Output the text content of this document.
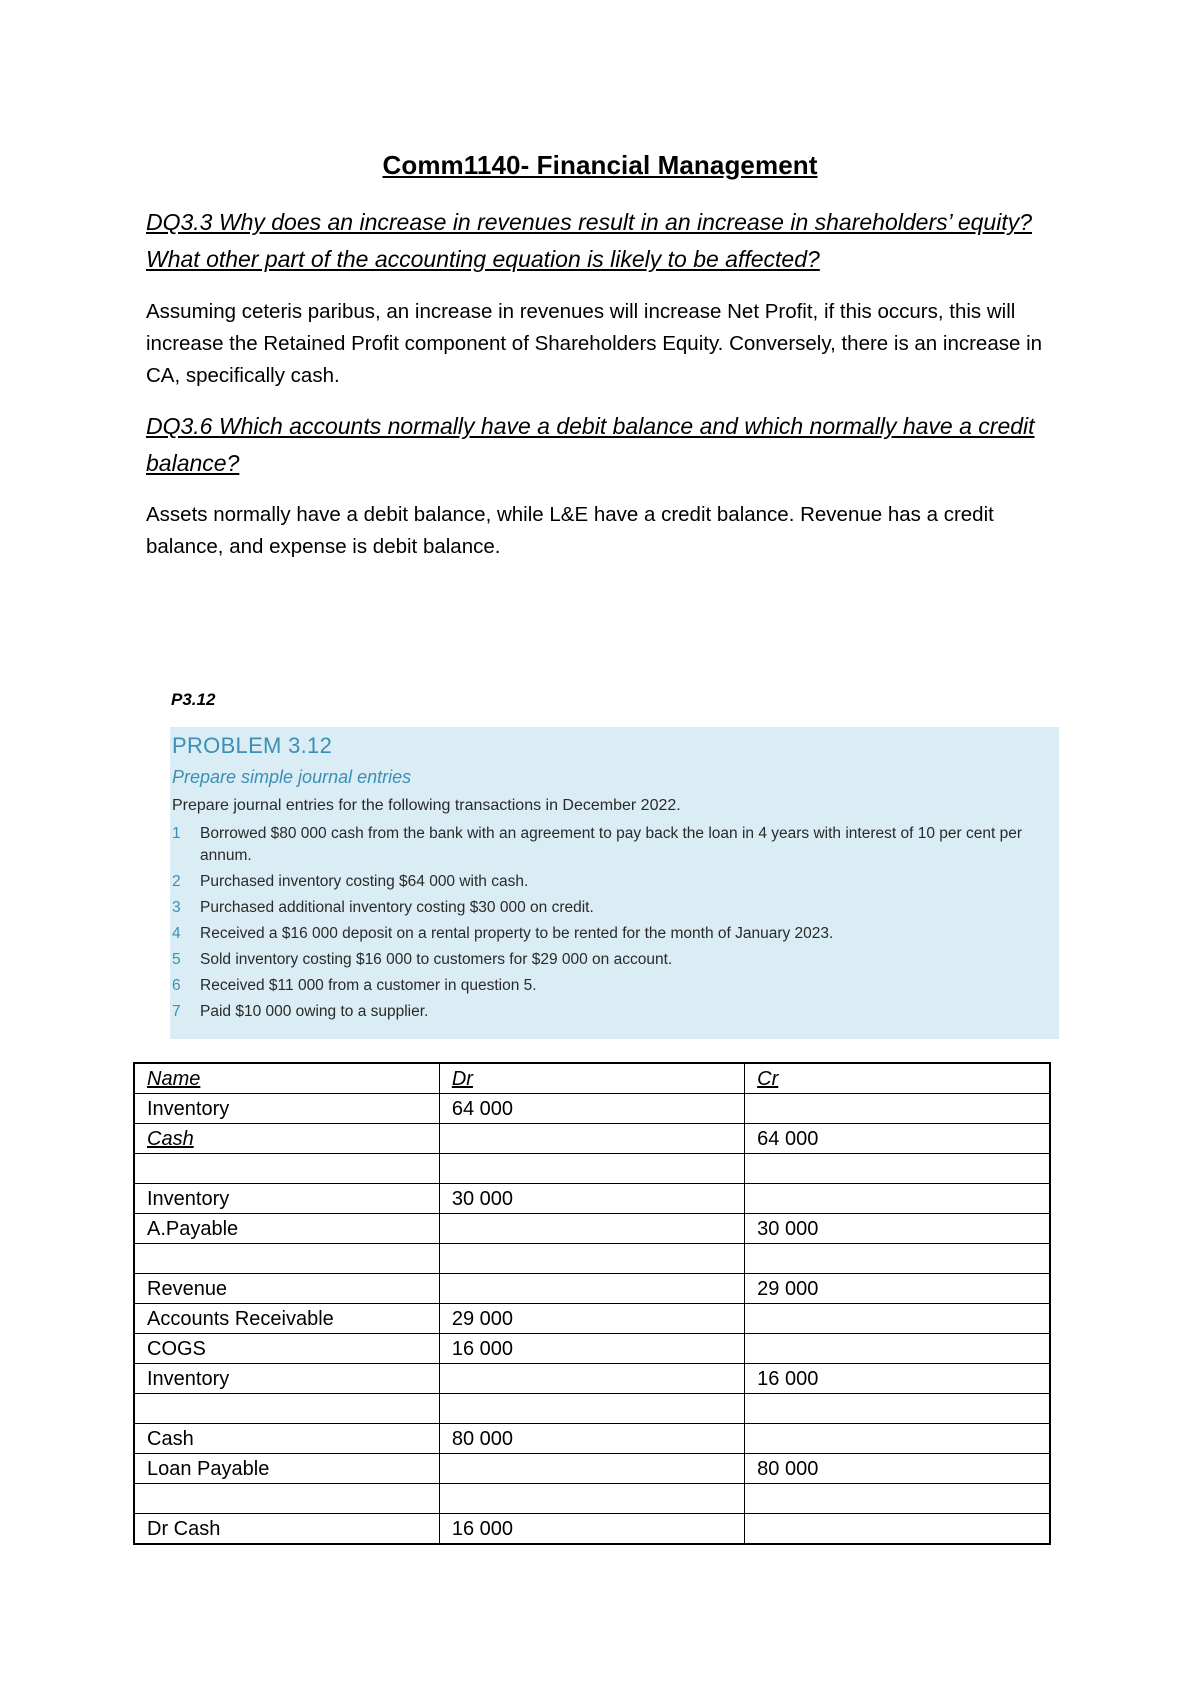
Comm1140- Financial Management
DQ3.3 Why does an increase in revenues result in an increase in shareholders’ equity? What other part of the accounting equation is likely to be affected?
Assuming ceteris paribus, an increase in revenues will increase Net Profit, if this occurs, this will increase the Retained Profit component of Shareholders Equity. Conversely, there is an increase in CA, specifically cash.
DQ3.6 Which accounts normally have a debit balance and which normally have a credit balance?
Assets normally have a debit balance, while L&E have a credit balance. Revenue has a credit balance, and expense is debit balance.
P3.12
PROBLEM 3.12
Prepare simple journal entries
Prepare journal entries for the following transactions in December 2022.
1 Borrowed $80 000 cash from the bank with an agreement to pay back the loan in 4 years with interest of 10 per cent per annum.
2 Purchased inventory costing $64 000 with cash.
3 Purchased additional inventory costing $30 000 on credit.
4 Received a $16 000 deposit on a rental property to be rented for the month of January 2023.
5 Sold inventory costing $16 000 to customers for $29 000 on account.
6 Received $11 000 from a customer in question 5.
7 Paid $10 000 owing to a supplier.
Name	Dr	Cr
Inventory	64 000	
Cash		64 000

Inventory	30 000	
A.Payable		30 000

Revenue		29 000
Accounts Receivable	29 000	
COGS	16 000	
Inventory		16 000

Cash	80 000	
Loan Payable		80 000

Dr Cash	16 000	
